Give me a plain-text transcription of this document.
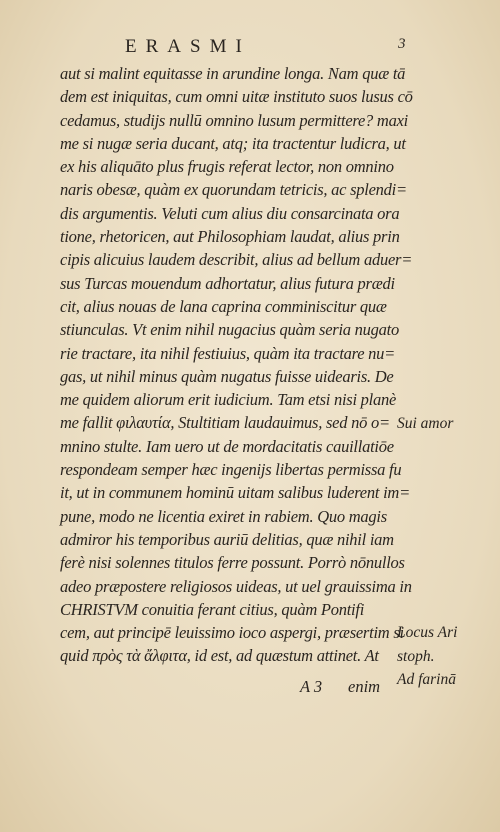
ERASMI	3
aut si malint equitasse in arundine longa. Nam quæ tā
dem est iniquitas, cum omni uitæ instituto suos lusus cō
cedamus, studijs nullū omnino lusum permittere? maxi
me si nugæ seria ducant, atq; ita tractentur ludicra, ut
ex his aliquāto plus frugis referat lector, non omnino
naris obesæ, quàm ex quorundam tetricis, ac splendi=
dis argumentis. Veluti cum alius diu consarcinata ora
tione, rhetoricen, aut Philosophiam laudat, alius prin
cipis alicuius laudem describit, alius ad bellum aduer=
sus Turcas mouendum adhortatur, alius futura prædi
cit, alius nouas de lana caprina comminiscitur quæ
stiunculas. Vt enim nihil nugacius quàm seria nugato
rie tractare, ita nihil festiuius, quàm ita tractare nu=
gas, ut nihil minus quàm nugatus fuisse uidearis. De
me quidem aliorum erit iudicium. Tam etsi nisi planè
me fallit φιλαυτία, Stultitiam laudauimus, sed nō o=
mnino stulte. Iam uero ut de mordacitatis cauillatiōe
respondeam semper hæc ingenijs libertas permissa fu
it, ut in communem hominū uitam salibus luderent im=
pune, modo ne licentia exiret in rabiem. Quo magis
admiror his temporibus auriū delitias, quæ nihil iam
ferè nisi solennes titulos ferre possunt. Porrò nōnullos
adeo præpostere religiosos uideas, ut uel grauissima in
CHRISTVM conuitia ferant citius, quàm Pontifi
cem, aut principē leuissimo ioco aspergi, præsertim si
quid πρὸς τὰ ἄλφιτα, id est, ad quæstum attinet. At
Sui amor
Locus Ari
stoph.
Ad farinā
A 3 enim
